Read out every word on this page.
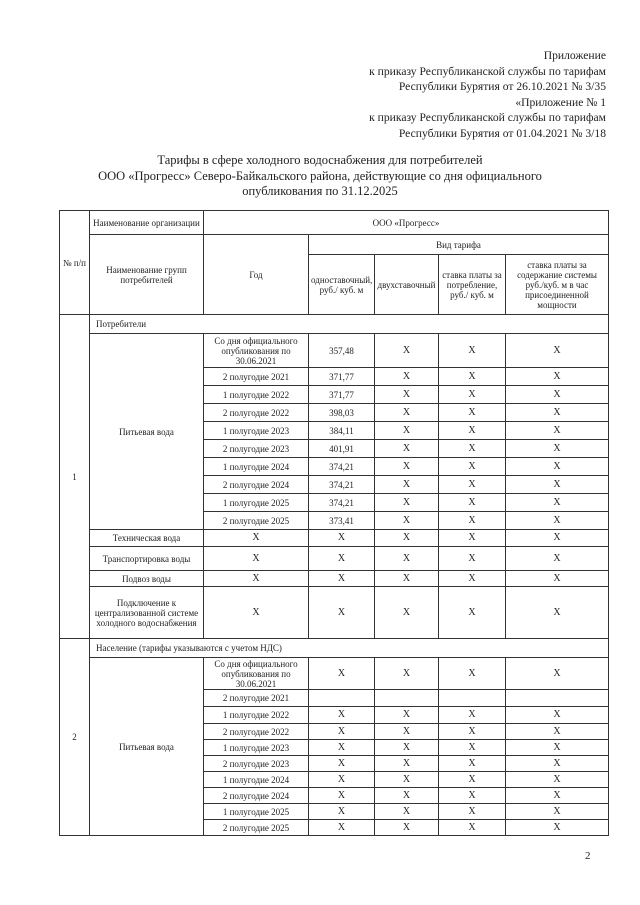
Приложение
к приказу Республиканской службы по тарифам
Республики Бурятия от 26.10.2021 № 3/35
«Приложение № 1
к приказу Республиканской службы по тарифам
Республики Бурятия от 01.04.2021 № 3/18
Тарифы в сфере холодного водоснабжения для потребителей
ООО «Прогресс» Северо-Байкальского района, действующие со дня официального
опубликования по 31.12.2025
№ п/п	Наименование организации	ООО «Прогресс»				
	Наименование групп потребителей	Год	Вид тарифа			
			одноставочный, руб./ куб. м	двухставочный	ставка платы за потребление, руб./ куб. м	ставка платы за содержание системы руб./куб. м в час присоединенной мощности

1	Потребители					
	Питьевая вода	Со дня официального опубликования по 30.06.2021	357,48	X	X	X
		2 полугодие 2021	371,77	X	X	X
		1 полугодие 2022	371,77	X	X	X
		2 полугодие 2022	398,03	X	X	X
		1 полугодие 2023	384,11	X	X	X
		2 полугодие 2023	401,91	X	X	X
		1 полугодие 2024	374,21	X	X	X
		2 полугодие 2024	374,21	X	X	X
		1 полугодие 2025	374,21	X	X	X
		2 полугодие 2025	373,41	X	X	X
	Техническая вода	X	X	X	X	X
	Транспортировка воды	X	X	X	X	X
	Подвоз воды	X	X	X	X	X
	Подключение к централизованной системе холодного водоснабжения	X	X	X	X	X

2	Население (тарифы указываются с учетом НДС)					
	Питьевая вода	Со дня официального опубликования по 30.06.2021	X	X	X	X
		2 полугодие 2021				
		1 полугодие 2022	X	X	X	X
		2 полугодие 2022	X	X	X	X
		1 полугодие 2023	X	X	X	X
		2 полугодие 2023	X	X	X	X
		1 полугодие 2024	X	X	X	X
		2 полугодие 2024	X	X	X	X
		1 полугодие 2025	X	X	X	X
		2 полугодие 2025	X	X	X	X
2
